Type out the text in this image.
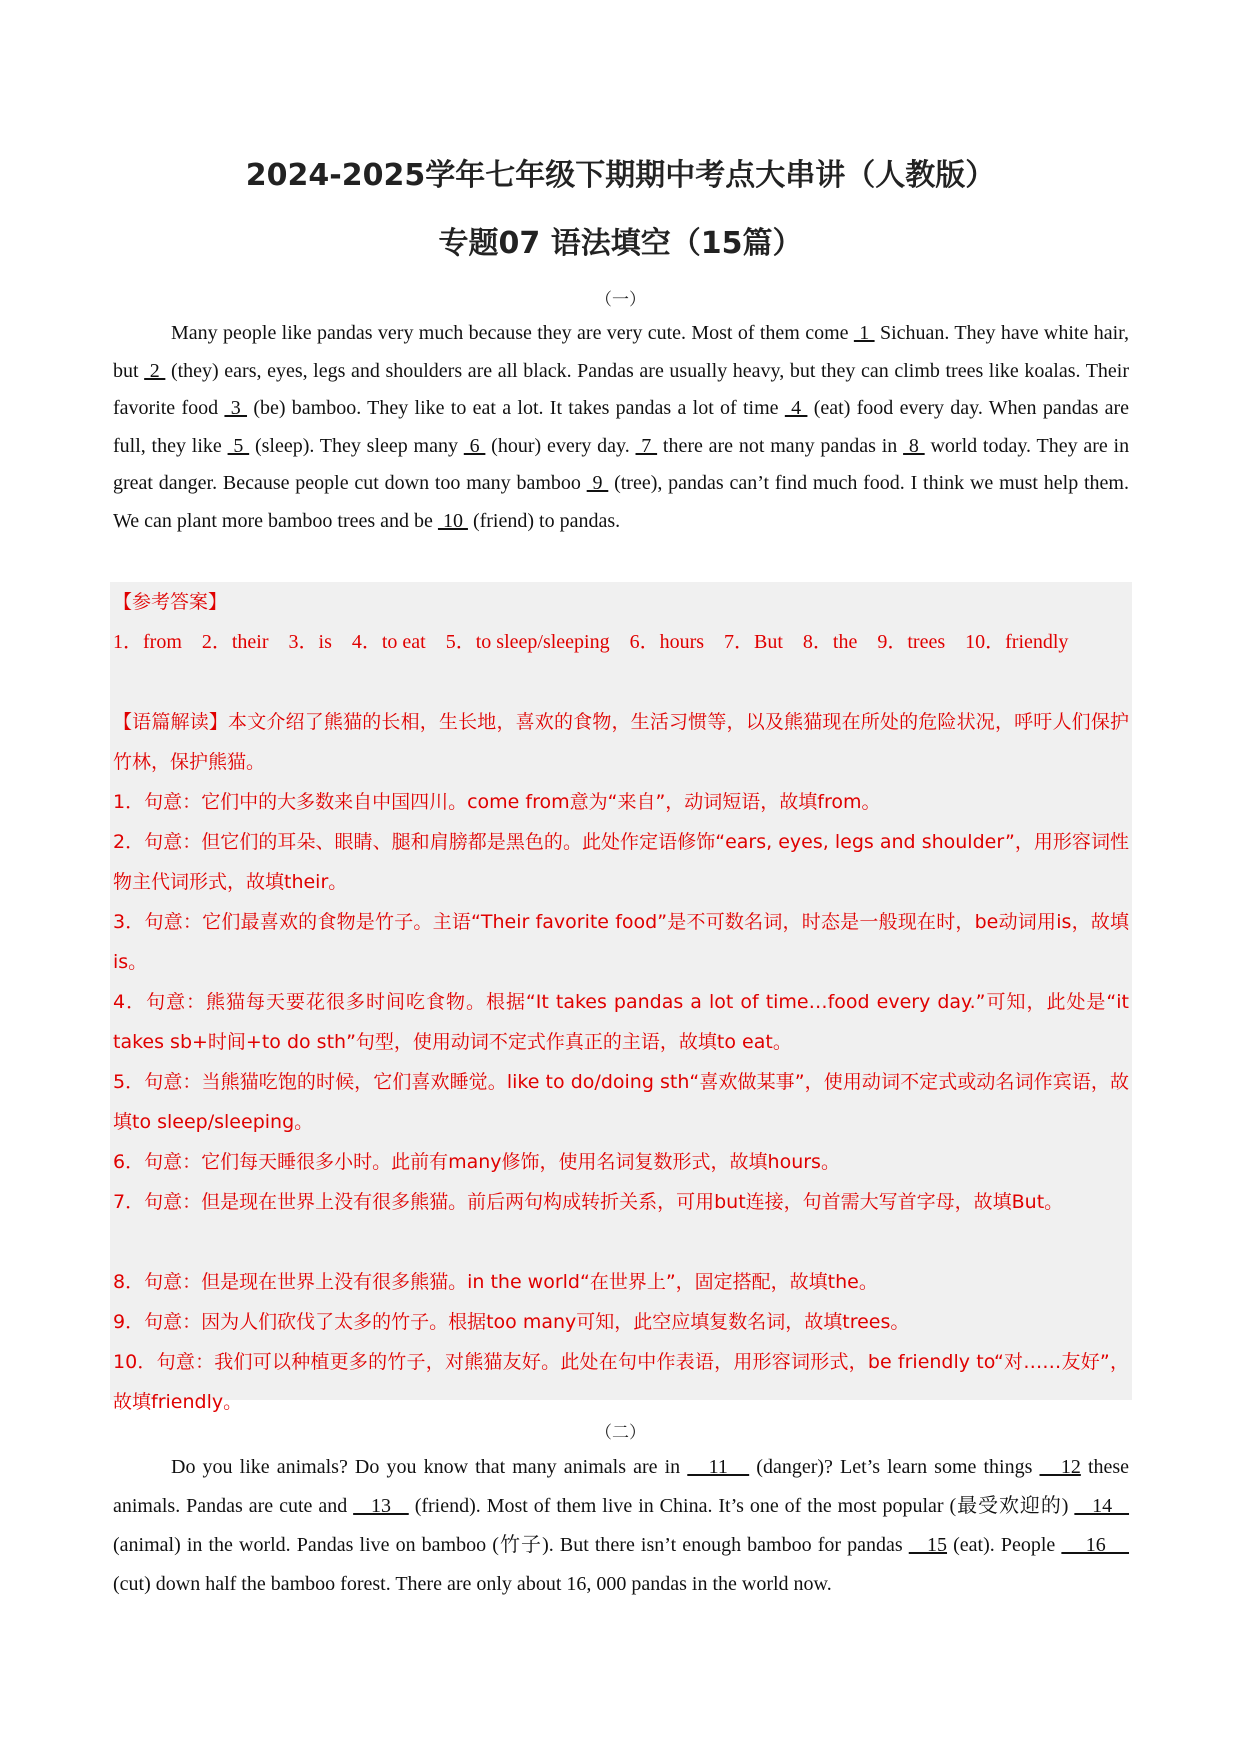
2024-2025学年七年级下期期中考点大串讲（人教版）
专题07 语法填空（15篇）
（一）

Many people like pandas very much because they are very cute. Most of them come  1  Sichuan. They have white hair, but  2  (they) ears, eyes, legs and shoulders are all black. Pandas are usually heavy, but they can climb trees like koalas. Their favorite food  3  (be) bamboo. They like to eat a lot. It takes pandas a lot of time  4  (eat) food every day. When pandas are full, they like  5  (sleep). They sleep many  6  (hour) every day.  7  there are not many pandas in  8  world today. They are in great danger. Because people cut down too many bamboo  9  (tree), pandas can’t find much food. I think we must help them. We can plant more bamboo trees and be  10  (friend) to pandas.

【参考答案】

1．from　2．their　3．is　4．to eat　5．to sleep/sleeping　6．hours　7．But　8．the　9．trees　10．friendly

【语篇解读】本文介绍了熊猫的长相，生长地，喜欢的食物，生活习惯等，以及熊猫现在所处的危险状况，呼吁人们保护竹林，保护熊猫。

1．句意：它们中的大多数来自中国四川。come from意为“来自”，动词短语，故填from。

2．句意：但它们的耳朵、眼睛、腿和肩膀都是黑色的。此处作定语修饰“ears, eyes, legs and shoulder”，用形容词性物主代词形式，故填their。

3．句意：它们最喜欢的食物是竹子。主语“Their favorite food”是不可数名词，时态是一般现在时，be动词用is，故填is。

4．句意：熊猫每天要花很多时间吃食物。根据“It takes pandas a lot of time…food every day.”可知，此处是“it takes sb+时间+to do sth”句型，使用动词不定式作真正的主语，故填to eat。

5．句意：当熊猫吃饱的时候，它们喜欢睡觉。like to do/doing sth“喜欢做某事”，使用动词不定式或动名词作宾语，故填to sleep/sleeping。

6．句意：它们每天睡很多小时。此前有many修饰，使用名词复数形式，故填hours。

7．句意：但是现在世界上没有很多熊猫。前后两句构成转折关系，可用but连接，句首需大写首字母，故填But。

8．句意：但是现在世界上没有很多熊猫。in the world“在世界上”，固定搭配，故填the。

9．句意：因为人们砍伐了太多的竹子。根据too many可知，此空应填复数名词，故填trees。

10．句意：我们可以种植更多的竹子，对熊猫友好。此处在句中作表语，用形容词形式，be friendly to“对……友好”，故填friendly。

（二）

Do you like animals? Do you know that many animals are in    11    (danger)? Let’s learn some things    12 these animals. Pandas are cute and    13    (friend). Most of them live in China. It’s one of the most popular (最受欢迎的)    14    (animal) in the world. Pandas live on bamboo (竹子). But there isn’t enough bamboo for pandas    15 (eat). People     16     (cut) down half the bamboo forest. There are only about 16, 000 pandas in the world now.
